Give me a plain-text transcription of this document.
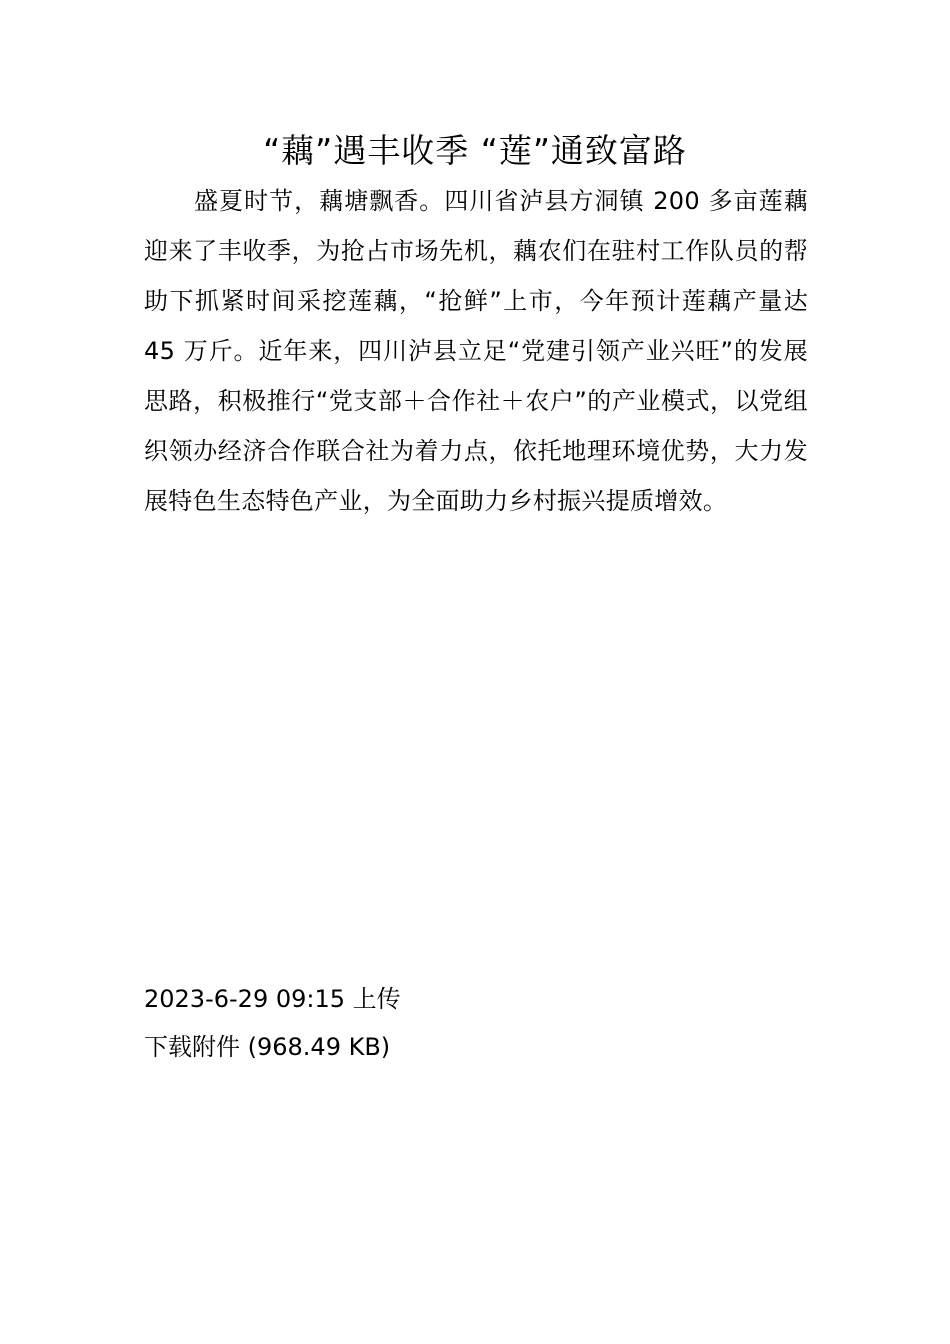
“藕”遇丰收季 “莲”通致富路

盛夏时节，藕塘飘香。四川省泸县方洞镇 200 多亩莲藕迎来了丰收季，为抢占市场先机，藕农们在驻村工作队员的帮助下抓紧时间采挖莲藕，“抢鲜”上市，今年预计莲藕产量达 45 万斤。近年来，四川泸县立足“党建引领产业兴旺”的发展思路，积极推行“党支部＋合作社＋农户”的产业模式，以党组织领办经济合作联合社为着力点，依托地理环境优势，大力发展特色生态特色产业，为全面助力乡村振兴提质增效。

2023-6-29 09:15 上传
下载附件 (968.49 KB)
